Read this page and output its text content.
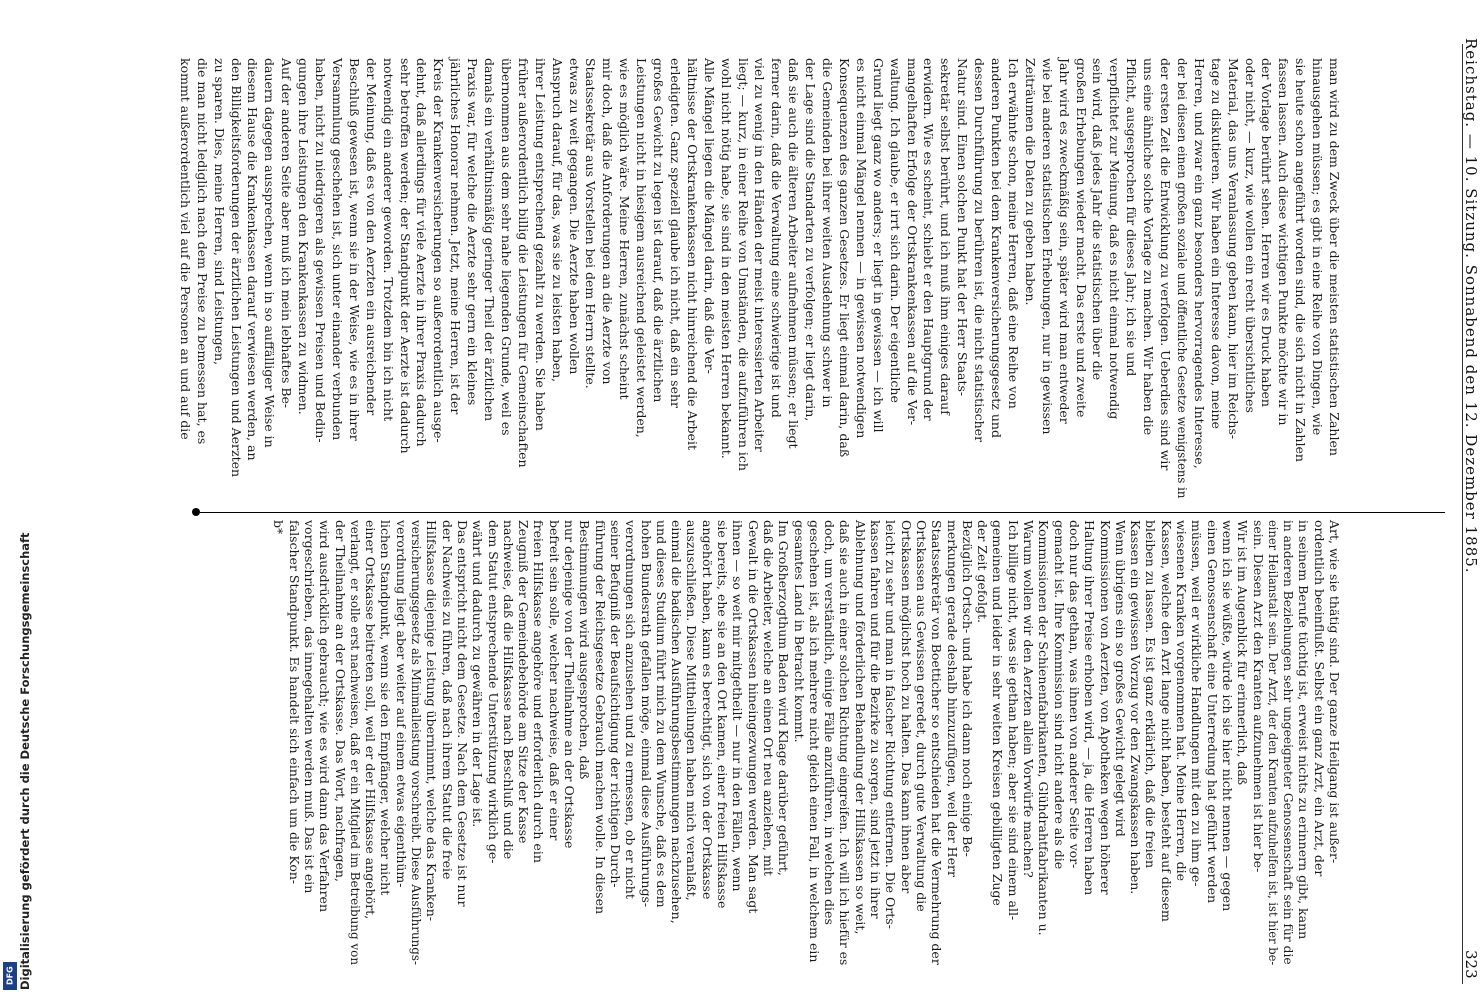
Reichstag. — 10. Sitzung. Sonnabend den 12. Dezember 1885.
323
man wird zu dem Zweck über die meisten statistischen Zahlen
hinausgehen müssen; es gibt in eine Reihe von Dingen, wie
sie heute schon angeführt worden sind, die sich nicht in Zahlen
fassen lassen. Auch diese wichtigen Punkte möchte wir in
der Vorlage berührt sehen. Herren wir es Druck haben
oder nicht, — kurz, wie wollen ein recht übersichtliches
Material, das uns Veranlassung geben kann, hier im Reichs-
tage zu diskutieren. Wir haben ein Interesse davon, meine
Herren, und zwar ein ganz besonders hervorragendes Interesse,
der bei diesen einen großen soziale und öffentliche Gesetze wenigstens in
der ersten Zeit die Entwicklung zu verfolgen. Ueberdies sind wir
uns eine ähnliche solche Vorlage zu machen. Wir haben die
Pflicht, ausgesprochen für dieses Jahr; ich sie und
verpflichtet zur Meinung, daß es nicht einmal notwendig
sein wird, daß jedes Jahr die statistischen über die
großen Erhebungen wieder macht. Das erste und zweite
Jahr wird es zweckmäßig sein, später wird man entweder
wie bei anderen statistischen Erhebungen, nur in gewissen
Zeiträumen die Daten zu geben haben.
Ich erwähnte schon, meine Herren, daß eine Reihe von
anderen Punkten bei dem Krankenversicherungsgesetz und
dessen Durchführung zu berühren ist, die nicht statistischer
Natur sind. Einen solchen Punkt hat der Herr Staats-
sekretär selbst berührt, und ich muß ihm einiges darauf
erwidern. Wie es scheint, schiebt er den Hauptgrund der
mangelhaften Erfolge der Ortskrankenkassen auf die Ver-
waltung. Ich glaube, er irrt sich darin. Der eigentliche
Grund liegt ganz wo anders; er liegt in gewissen — ich will
es nicht einmal Mängel nennen — in gewissen notwendigen
Konsequenzen des ganzen Gesetzes. Er liegt einmal darin, daß
die Gemeinden bei ihrer weiten Ausdehnung schwer in
der Lage sind die Standarten zu verfolgen; er liegt darin,
daß sie auch die älteren Arbeiter aufnehmen müssen; er liegt
ferner darin, daß die Verwaltung eine schwierige ist und
viel zu wenig in den Händen der meist interessierten Arbeiter
liegt; — kurz, in einer Reihe von Umständen, die aufzuführen ich
wohl nicht nötig habe, sie sind in den meisten Herren bekannt.
Alle Mängel liegen die Mängel darin, daß die Ver-
hältnisse der Ortskrankenkassen nicht hinreichend die Arbeit
erledigten. Ganz speziell glaube ich nicht, daß ein sehr
großes Gewicht zu legen ist darauf, daß die ärztlichen
Leistungen nicht in hiesigem ausreichend geleistet werden,
wie es möglich wäre. Meine Herren, zunächst scheint
mir doch, daß die Anforderungen an die Aerzte von
Staatssekretär aus Vorstellen bei dem Herrn stellte.
etwas zu weit gegangen. Die Aerzte haben wollen
Anspruch darauf, für das, was sie zu leisten haben,
ihrer Leistung entsprechend gezahlt zu werden. Sie haben
früher außerordentlich billig die Leistungen für Gemeinschaften
übernommen aus dem sehr nahe liegenden Grunde, weil es
damals ein verhältnismäßig geringer Theil der ärztlichen
Praxis war, für welche die Aerzte sehr gern ein kleines
jährliches Honorar nehmen. Jetzt, meine Herren, ist der
Kreis der Krankenversicherungen so außerordentlich ausge-
dehnt, daß allerdings für viele Aerzte in ihrer Praxis dadurch
sehr betroffen werden; der Standpunkt der Aerzte ist dadurch
notwendig ein anderer geworden. Trotzdem bin ich nicht
der Meinung, daß es von den Aerzten ein ausreichender
Beschluß gewesen ist, wenn sie in der Weise, wie es in ihrer
Versammlung geschehen ist, sich unter einander verbunden
haben, nicht zu niedrigeren als gewissen Preisen und Bedin-
gungen ihre Leistungen den Krankenkassen zu widmen.
Auf der anderen Seite aber muß ich mein lebhaftes Be-
dauern dagegen aussprechen, wenn in so auffälliger Weise in
diesem Hause die Krankenkassen darauf verwiesen werden, an
den Billigkeitsforderungen der ärztlichen Leistungen und Aerzten
zu sparen. Dies, meine Herren, sind Leistungen,
die man nicht lediglich nach dem Preise zu bemessen hat, es
kommt außerordentlich viel auf die Personen an und auf die
Art, wie sie thätig sind. Der ganze Heilgang ist außer-
ordentlich beeinflußt. Selbst ein ganz Arzt, ein Arzt, der
in seinem Berufe tüchtig ist, erweist nichts zu erinnern gibt, kann
in anderen Beziehungen sehr ungeeigneter Genossenschaft sein für die
einer Heilanstalt sein. Der Arzt, der den Kranten aufzuhelfen ist, ist hier be-
sein. Diesen Arzt den Kranten aufzunehmen ist hier be-
Wir ist im Augenblick für erinnerlich, daß
wenn ich sie wüßte, würde ich sie hier nicht nennen — gegen
einen Genossenschaft eine Unterredung hat geführt werden
müssen, weil er wirkliche Handlungen mit den zu ihm ge-
wiesenen Kranken vorgenommen hat. Meine Herren, die
Kassen, welche den Arzt lange nicht haben, besteht auf diesem
bleiben zu lassen. Es ist ganz erklärlich, daß die freien
Kassen ein gewissen Vorzug vor den Zwangskassen haben.
Wenn übrigens ein so großes Gewicht gelegt wird
Kommissionen von Aerzten, von Apotheken wegen höherer
Haltung ihrer Preise erhoben wird, — ja, die Herren haben
doch nur das gethan, was ihnen von anderer Seite vor-
gemacht ist. Ihre Kommission sind nicht andere als die
Kommissionen der Schienenfabrikanten, Glühdrahtfabrikanten u.
Warum wollen wir den Aerzten allein Vorwürfe machen?
Ich billige nicht, was sie gethan haben; aber sie sind einem all-
gemeinen und leider in sehr weiten Kreisen gebilligten Zuge
der Zeit gefolgt.
Bezüglich Ortsch- und habe ich dann noch einige Be-
merkungen gerade deshalb hinzuzufügen, weil der Herr
Staatssekretär von Boetticher so entschieden hat die Vermehrung der
Ortskassen aus Gewissen geredet, durch gute Verwaltung die
Ortskassen möglichst hoch zu halten. Das kann ihnen aber
leicht zu sehr und man in falscher Richtung entfernen. Die Orts-
kassen fahren und für die Bezirke zu sorgen, sind jetzt in ihrer
Ablehnung und förderlichen Behandlung der Hilfskassen so weit,
daß sie auch in einer solchen Richtung eingreifen. Ich will ich hiefür es
doch, um verständlich, einige Fälle anzuführen, in welchen dies
geschehen ist, als ich mehrere nicht gleich einen Fall, in welchem ein
gesamtes Land in Betracht kommt.
Im Großherzogthum Baden wird Klage darüber geführt,
daß die Arbeiter, welche an einen Ort neu anziehen, mit
Gewalt in die Ortskassen hineingezwungen werden. Man sagt
ihnen — so weit mir mitgetheilt — nur in den Fällen, wenn
sie bereits, ehe sie an den Ort kamen, einer freien Hilfskasse
angehört haben, kann es berechtigt, sich von der Ortskasse
auszuschließen. Diese Mittheilungen haben mich veranlaßt,
einmal die badischen Ausführungsbestimmungen nachzusehen,
und dieses Studium führt mich zu dem Wunsche, daß es dem
hohen Bundesrath gefallen möge, einmal diese Ausführungs-
verordnungen sich anzusehen und zu ermessen, ob er nicht
seiner Befugniß der Beaufsichtigung der richtigen Durch-
führung der Reichsgesetze Gebrauch machen wolle. In diesen
Bestimmungen wird ausgesprochen, daß
nur derjenige von der Theilnahme an der Ortskasse
befreit sein solle, welcher nachweise, daß er einer
freien Hilfskasse angehöre und erforderlich durch ein
Zeugniß der Gemeindebehörde am Sitze der Kasse
nachweise, daß die Hilfskasse nach Beschluß und die
dem Statut entsprechende Unterstützung wirklich ge-
währt und dadurch zu gewähren in der Lage ist.
Das entspricht nicht dem Gesetze. Nach dem Gesetze ist nur
der Nachweis zu führen, daß nach ihrem Statut die freie
Hilfskasse diejenige Leistung übernimmt, welche das Kranken-
versicherungsgesetz als Minimalleistung vorschreibt. Diese Ausführungs-
verordnung liegt aber weiter auf einem etwas eigenthüm-
lichen Standpunkt, wenn sie den Empfänger, welcher nicht
einer Ortskasse beitreten soll, weil er der Hilfskasse angehört,
verlangt, er solle erst nachweisen, daß er ein Mitglied im Betreibung von
der Theilnahme an der Ortskasse. Das Wort, nachfragen,
wird ausdrücklich gebraucht; wie es wird dann das Verfahren
vorgeschrieben, das innegehalten werden muß. Das ist ein
falscher Standpunkt. Es handelt sich einfach um die Kon-
b*
Digitalisierung gefördert durch die Deutsche Forschungsgemeinschaft
DFG
